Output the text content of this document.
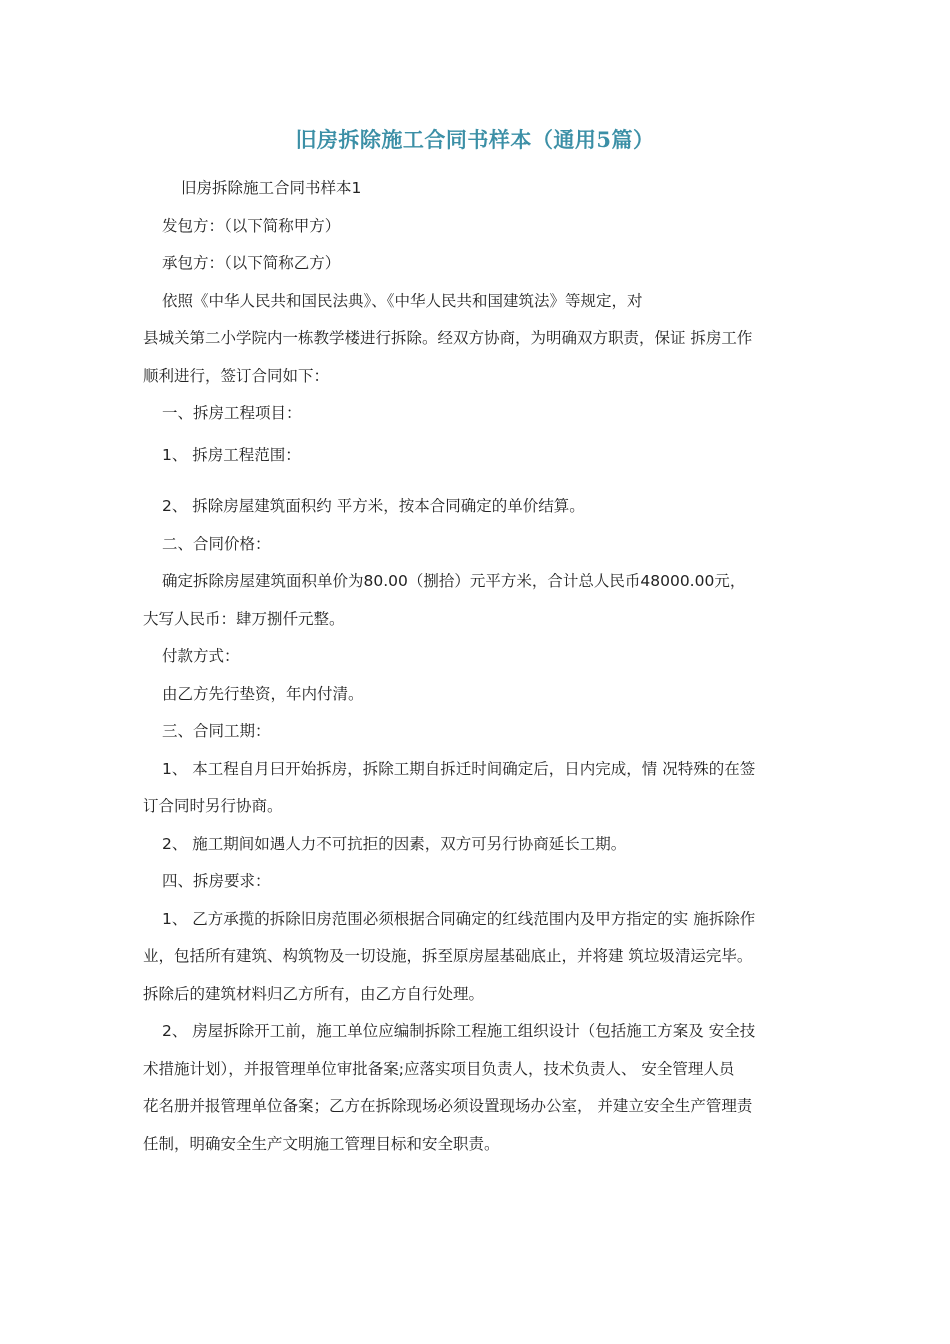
旧房拆除施工合同书样本（通用5篇）

旧房拆除施工合同书样本1

发包方：（以下简称甲方）

承包方：（以下简称乙方）

依照《中华人民共和国民法典》、《中华人民共和国建筑法》等规定，对

县城关第二小学院内一栋教学楼进行拆除。经双方协商，为明确双方职责，保证 拆房工作

顺利进行，签订合同如下：

一、拆房工程项目：

1、 拆房工程范围：

2、 拆除房屋建筑面积约 平方米，按本合同确定的单价结算。

二、合同价格：

确定拆除房屋建筑面积单价为80.00（捌拾）元平方米，合计总人民币48000.00元，

大写人民币：肆万捌仟元整。

付款方式：

由乙方先行垫资，年内付清。

三、合同工期：

1、 本工程自月曰开始拆房，拆除工期自拆迁时间确定后，日内完成，情 况特殊的在签

订合同时另行协商。

2、 施工期间如遇人力不可抗拒的因素，双方可另行协商延长工期。

四、拆房要求：

1、 乙方承揽的拆除旧房范围必须根据合同确定的红线范围内及甲方指定的实 施拆除作

业，包括所有建筑、构筑物及一切设施，拆至原房屋基础底止，并将建 筑垃圾清运完毕。

拆除后的建筑材料归乙方所有，由乙方自行处理。

2、 房屋拆除开工前，施工单位应编制拆除工程施工组织设计（包括施工方案及 安全技

术措施计划），并报管理单位审批备案;应落实项目负责人，技术负责人、 安全管理人员

花名册并报管理单位备案；乙方在拆除现场必须设置现场办公室， 并建立安全生产管理责

任制，明确安全生产文明施工管理目标和安全职责。
